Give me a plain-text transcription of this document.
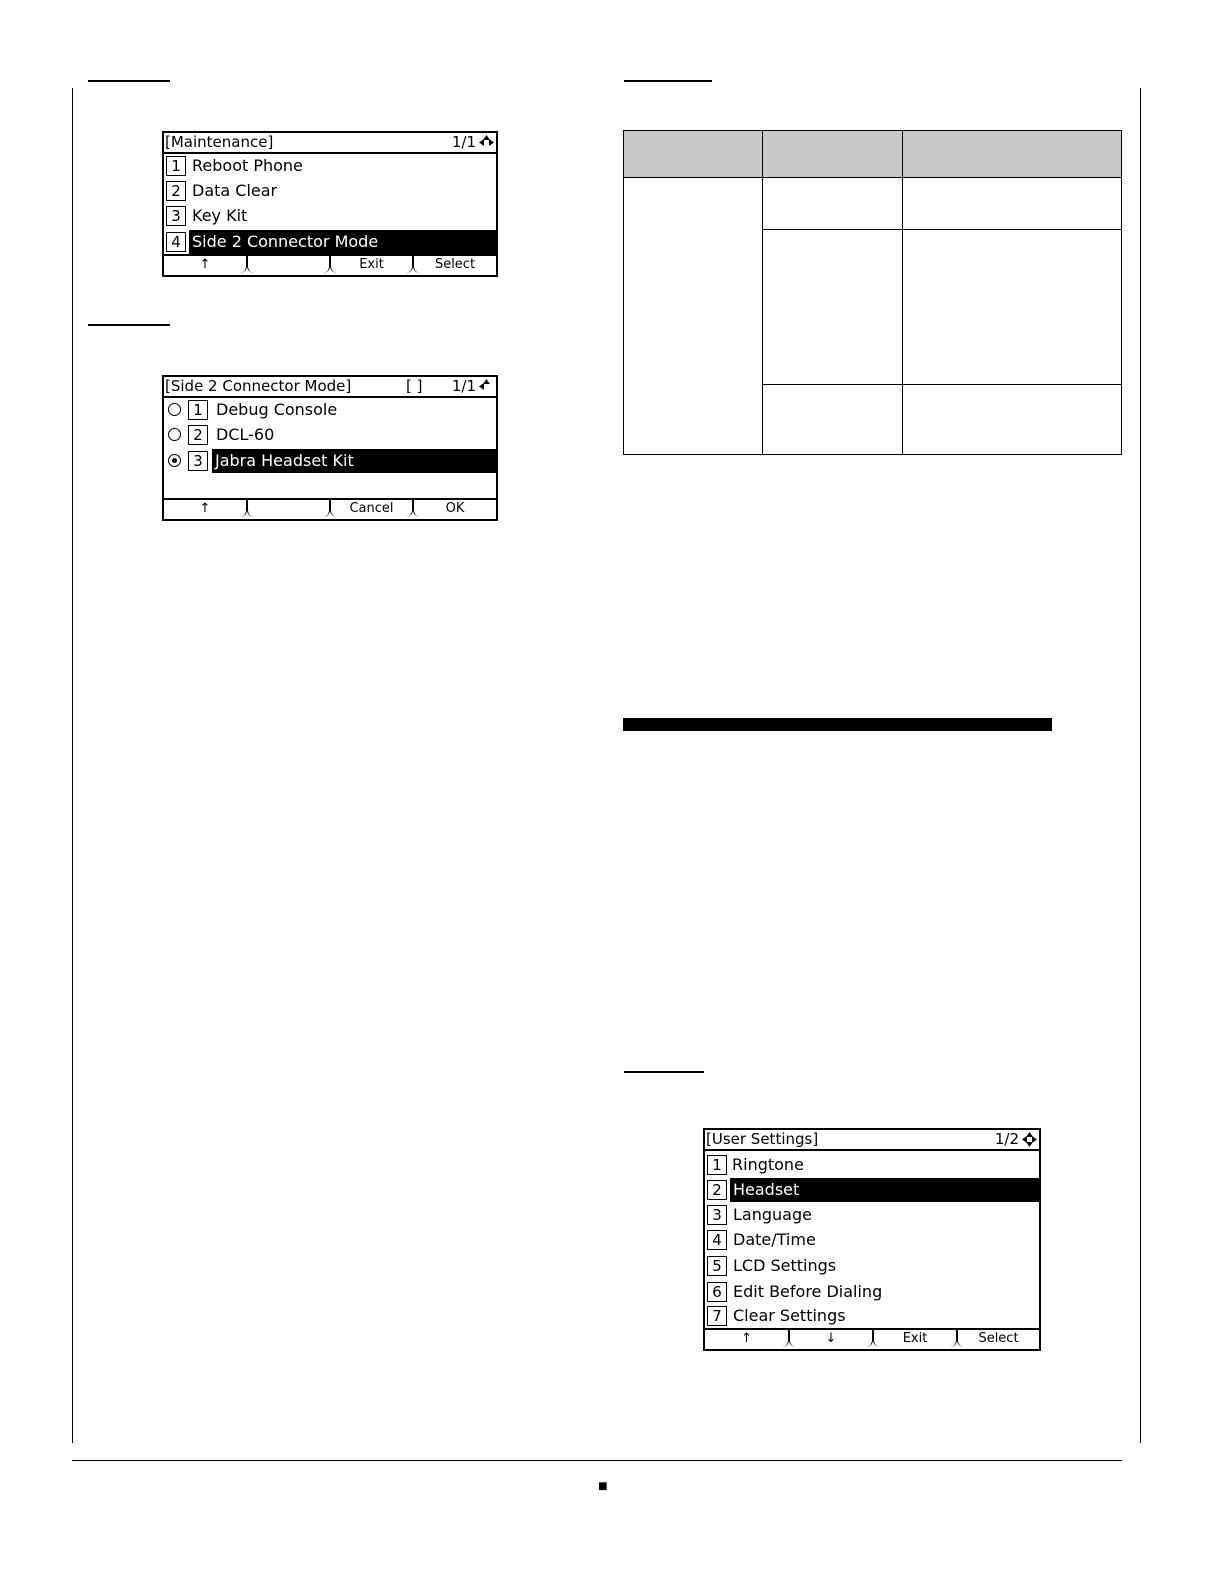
■
[Maintenance]	1/1
1 Reboot Phone
2 Data Clear
3 Key Kit
4 Side 2 Connector Mode
↑	Exit	Select
[Side 2 Connector Mode]	[ ] 1/1
1 Debug Console
2 DCL-60
3 Jabra Headset Kit
↑	Cancel	OK

[User Settings]	1/2
1 Ringtone
2 Headset
3 Language
4 Date/Time
5 LCD Settings
6 Edit Before Dialing
7 Clear Settings
↑	↓	Exit	Select
